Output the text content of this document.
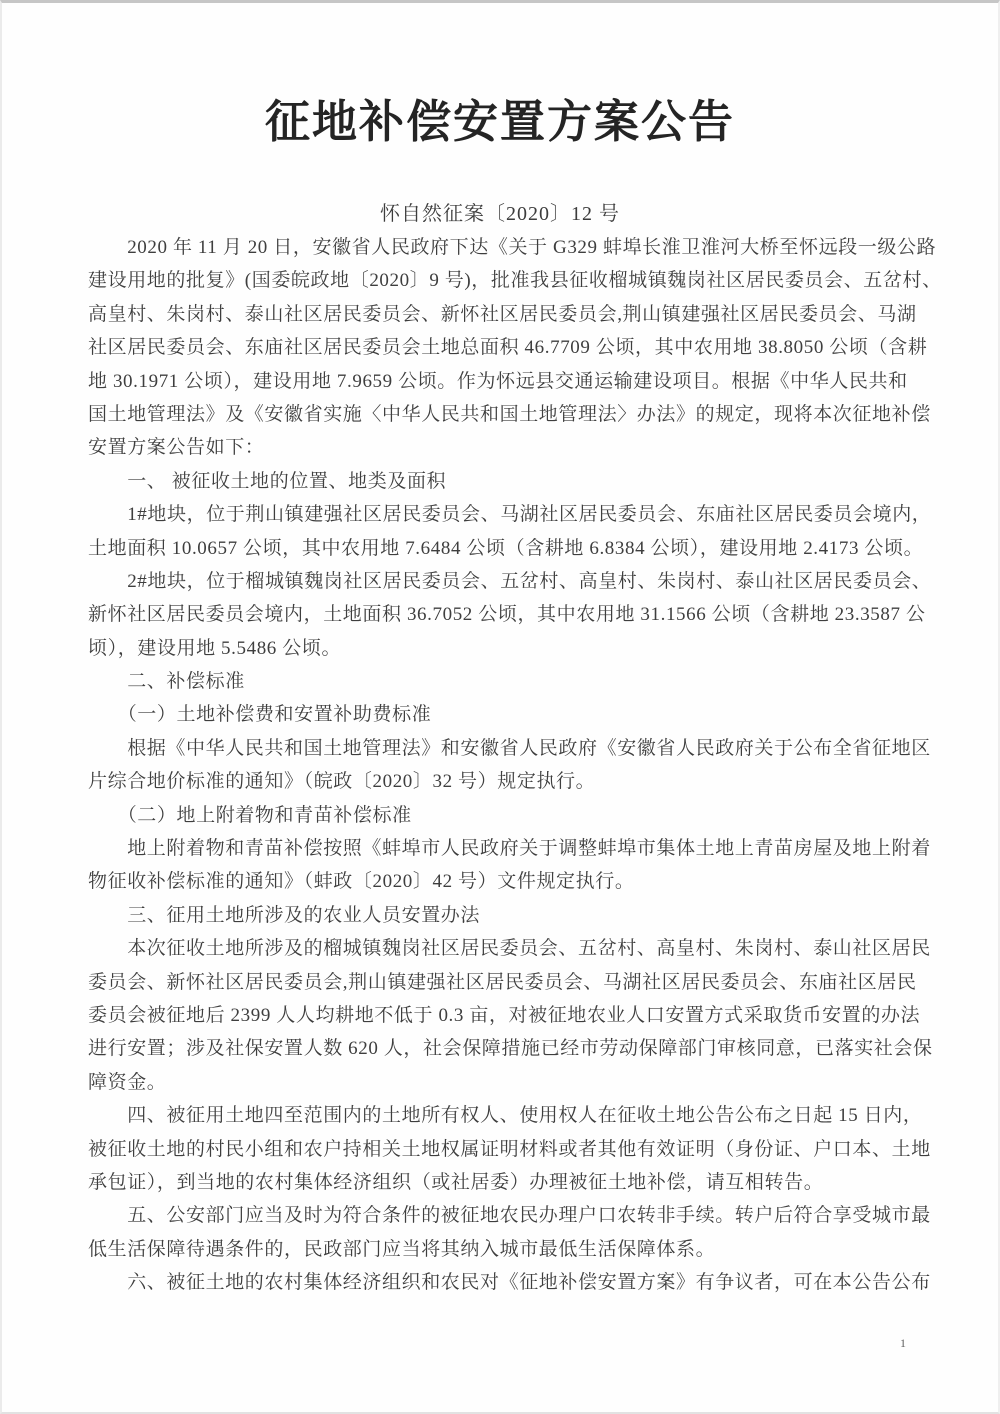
征地补偿安置方案公告
怀自然征案〔2020〕12 号
　　2020 年 11 月 20 日，安徽省人民政府下达《关于 G329 蚌埠长淮卫淮河大桥至怀远段一级公路
建设用地的批复》(国委皖政地〔2020〕9 号)，批准我县征收榴城镇魏岗社区居民委员会、五岔村、
高皇村、朱岗村、泰山社区居民委员会、新怀社区居民委员会,荆山镇建强社区居民委员会、马湖
社区居民委员会、东庙社区居民委员会土地总面积 46.7709 公顷，其中农用地 38.8050 公顷（含耕
地 30.1971 公顷），建设用地 7.9659 公顷。作为怀远县交通运输建设项目。根据《中华人民共和
国土地管理法》及《安徽省实施〈中华人民共和国土地管理法〉办法》的规定，现将本次征地补偿
安置方案公告如下：
　　一、 被征收土地的位置、地类及面积
　　1#地块，位于荆山镇建强社区居民委员会、马湖社区居民委员会、东庙社区居民委员会境内，
土地面积 10.0657 公顷，其中农用地 7.6484 公顷（含耕地 6.8384 公顷），建设用地 2.4173 公顷。
　　2#地块，位于榴城镇魏岗社区居民委员会、五岔村、高皇村、朱岗村、泰山社区居民委员会、
新怀社区居民委员会境内，土地面积 36.7052 公顷，其中农用地 31.1566 公顷（含耕地 23.3587 公
顷），建设用地 5.5486 公顷。
　　二、补偿标准
　　（一）土地补偿费和安置补助费标准
　　根据《中华人民共和国土地管理法》和安徽省人民政府《安徽省人民政府关于公布全省征地区
片综合地价标准的通知》（皖政〔2020〕32 号）规定执行。
　　（二）地上附着物和青苗补偿标准
　　地上附着物和青苗补偿按照《蚌埠市人民政府关于调整蚌埠市集体土地上青苗房屋及地上附着
物征收补偿标准的通知》（蚌政〔2020〕42 号）文件规定执行。
　　三、征用土地所涉及的农业人员安置办法
　　本次征收土地所涉及的榴城镇魏岗社区居民委员会、五岔村、高皇村、朱岗村、泰山社区居民
委员会、新怀社区居民委员会,荆山镇建强社区居民委员会、马湖社区居民委员会、东庙社区居民
委员会被征地后 2399 人人均耕地不低于 0.3 亩，对被征地农业人口安置方式采取货币安置的办法
进行安置；涉及社保安置人数 620 人，社会保障措施已经市劳动保障部门审核同意，已落实社会保
障资金。
　　四、被征用土地四至范围内的土地所有权人、使用权人在征收土地公告公布之日起 15 日内，
被征收土地的村民小组和农户持相关土地权属证明材料或者其他有效证明（身份证、户口本、土地
承包证），到当地的农村集体经济组织（或社居委）办理被征土地补偿，请互相转告。
　　五、公安部门应当及时为符合条件的被征地农民办理户口农转非手续。转户后符合享受城市最
低生活保障待遇条件的，民政部门应当将其纳入城市最低生活保障体系。
　　六、被征土地的农村集体经济组织和农民对《征地补偿安置方案》有争议者，可在本公告公布
1
